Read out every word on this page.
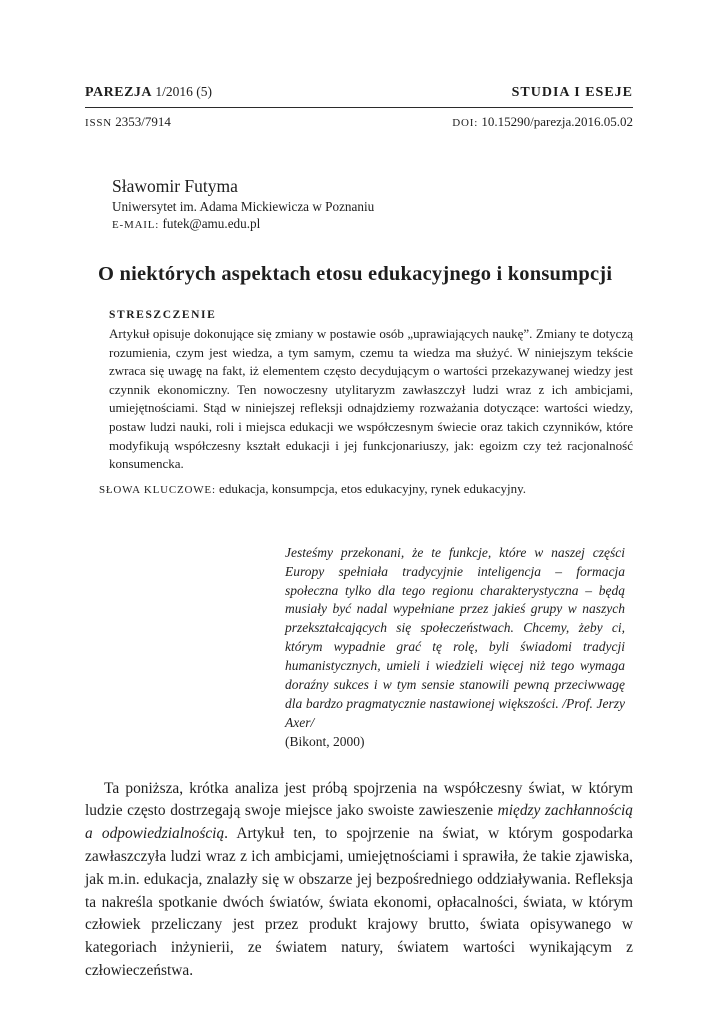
PAREZJA 1/2016 (5)	STUDIA I ESEJE
ISSN 2353/7914	DOI: 10.15290/parezja.2016.05.02
Sławomir Futyma
Uniwersytet im. Adama Mickiewicza w Poznaniu
E-MAIL: futek@amu.edu.pl
O niektórych aspektach etosu edukacyjnego i konsumpcji
STRESZCZENIE
Artykuł opisuje dokonujące się zmiany w postawie osób „uprawiających naukę”. Zmiany te dotyczą rozumienia, czym jest wiedza, a tym samym, czemu ta wiedza ma służyć. W niniejszym tekście zwraca się uwagę na fakt, iż elementem często decydującym o wartości przekazywanej wiedzy jest czynnik ekonomiczny. Ten nowoczesny utylitaryzm zawłaszczył ludzi wraz z ich ambicjami, umiejętnościami. Stąd w niniejszej refleksji odnajdziemy rozważania dotyczące: wartości wiedzy, postaw ludzi nauki, roli i miejsca edukacji we współczesnym świecie oraz takich czynników, które modyfikują współczesny kształt edukacji i jej funkcjonariuszy, jak: egoizm czy też racjonalność konsumencka.
SŁOWA KLUCZOWE: edukacja, konsumpcja, etos edukacyjny, rynek edukacyjny.
Jesteśmy przekonani, że te funkcje, które w naszej części Europy spełniała tradycyjnie inteligencja – formacja społeczna tylko dla tego regionu charakterystyczna – będą musiały być nadal wypełniane przez jakieś grupy w naszych przekształcających się społeczeństwach. Chcemy, żeby ci, którym wypadnie grać tę rolę, byli świadomi tradycji humanistycznych, umieli i wiedzieli więcej niż tego wymaga doraźny sukces i w tym sensie stanowili pewną przeciwwagę dla bardzo pragmatycznie nastawionej większości. /Prof. Jerzy Axer/
(Bikont, 2000)

Ta poniższa, krótka analiza jest próbą spojrzenia na współczesny świat, w którym ludzie często dostrzegają swoje miejsce jako swoiste zawieszenie między zachłannością a odpowiedzialnością. Artykuł ten, to spojrzenie na świat, w którym gospodarka zawłaszczyła ludzi wraz z ich ambicjami, umiejętnościami i sprawiła, że takie zjawiska, jak m.in. edukacja, znalazły się w obszarze jej bezpośredniego oddziaływania. Refleksja ta nakreśla spotkanie dwóch światów, świata ekonomi, opłacalności, świata, w którym człowiek przeliczany jest przez produkt krajowy brutto, świata opisywanego w kategoriach inżynierii, ze światem natury, światem wartości wynikającym z człowieczeństwa.
